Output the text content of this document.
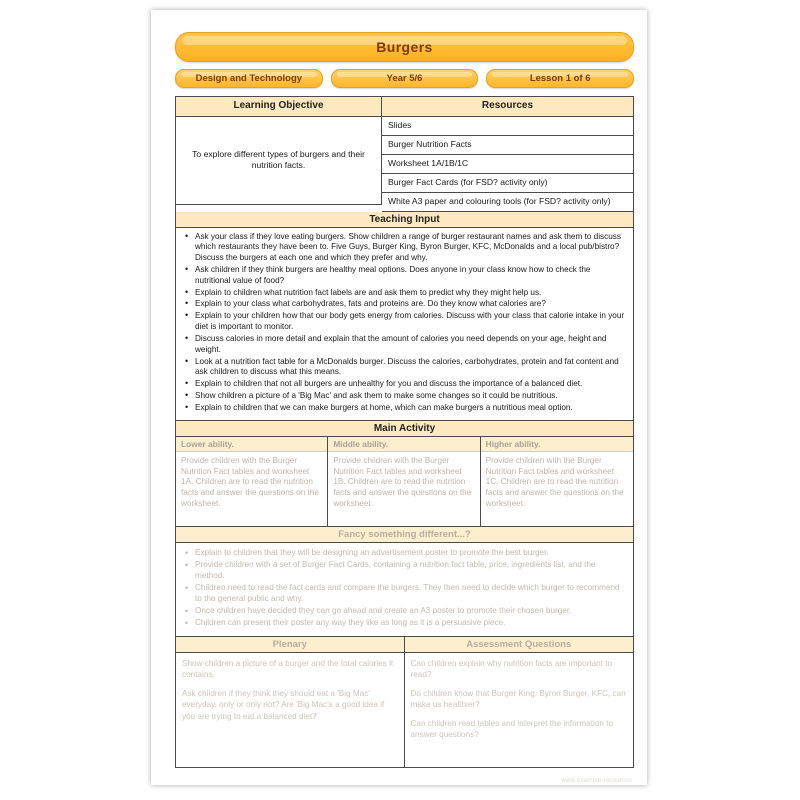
Burgers
Design and Technology	Year 5/6	Lesson 1 of 6
Learning Objective	Resources
To explore different types of burgers and their nutrition facts.
Slides
Burger Nutrition Facts
Worksheet 1A/1B/1C
Burger Fact Cards (for FSD? activity only)
White A3 paper and colouring tools (for FSD? activity only)
Teaching Input
• Ask your class if they love eating burgers. Show children a range of burger restaurant names and ask them to discuss which restaurants they have been to. Five Guys, Burger King, Byron Burger, KFC, McDonalds and a local pub/bistro? Discuss the burgers at each one and which they prefer and why.
• Ask children if they think burgers are healthy meal options. Does anyone in your class know how to check the nutritional value of food?
• Explain to children what nutrition fact labels are and ask them to predict why they might help us.
• Explain to your class what carbohydrates, fats and proteins are. Do they know what calories are?
• Explain to your children how that our body gets energy from calories. Discuss with your class that calorie intake in your diet is important to monitor.
• Discuss calories in more detail and explain that the amount of calories you need depends on your age, height and weight.
• Look at a nutrition fact table for a McDonalds burger. Discuss the calories, carbohydrates, protein and fat content and ask children to discuss what this means.
• Explain to children that not all burgers are unhealthy for you and discuss the importance of a balanced diet.
• Show children a picture of a 'Big Mac' and ask them to make some changes so it could be nutritious.
• Explain to children that we can make burgers at home, which can make burgers a nutritious meal option.
Main Activity
Lower ability.
Provide children with the Burger Nutrition Fact tables and worksheet 1A. Children are to read the nutrition facts and answer the questions on the worksheet.
Middle ability.
Provide children with the Burger Nutrition Fact tables and worksheet 1B. Children are to read the nutrition facts and answer the questions on the worksheet.
Higher ability.
Provide children with the Burger Nutrition Fact tables and worksheet 1C. Children are to read the nutrition facts and answer the questions on the worksheet.
Fancy something different...?
• Explain to children that they will be designing an advertisement poster to promote the best burger.
• Provide children with a set of Burger Fact Cards, containing a nutrition fact table, price, ingredients list, and the method.
• Children need to read the fact cards and compare the burgers. They then need to decide which burger to recommend to the general public and why.
• Once children have decided they can go ahead and create an A3 poster to promote their chosen burger.
• Children can present their poster any way they like as long as it is a persuasive piece.
Plenary

Show children a picture of a burger and the total calories it contains.

Ask children if they think they should eat a 'Big Mac' everyday, only or only not? Are 'Big Mac's a good idea if you are trying to eat a balanced diet?

Assessment Questions

Can children explain why nutrition facts are important to read?

Do children know that Burger King, Byron Burger, KFC, can make us healthier?

Can children read tables and interpret the information to answer questions?

www.example-resources
